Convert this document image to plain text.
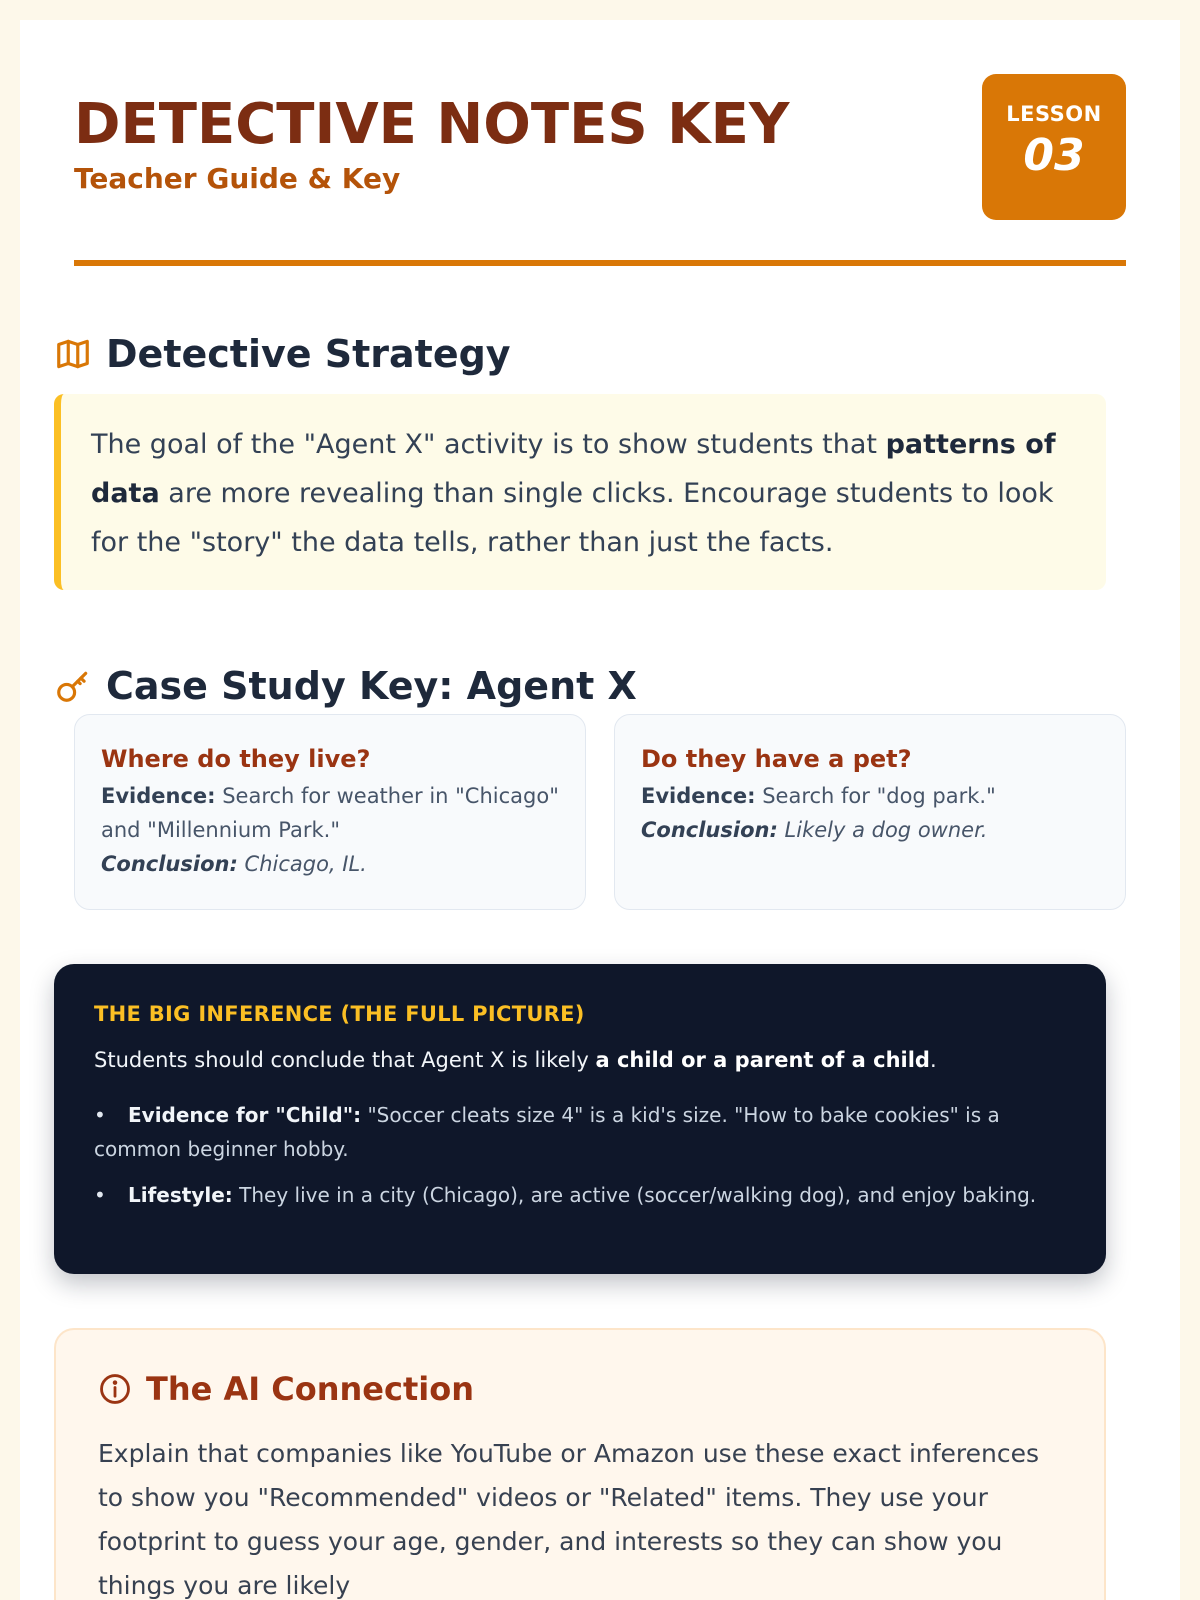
DETECTIVE NOTES KEY
Teacher Guide & Key
LESSON
03
Detective Strategy
The goal of the "Agent X" activity is to show students that patterns of data are more revealing than single clicks. Encourage students to look for the "story" the data tells, rather than just the facts.
Case Study Key: Agent X
Where do they live?
Evidence: Search for weather in "Chicago" and "Millennium Park."
Conclusion: Chicago, IL.
Do they have a pet?
Evidence: Search for "dog park."
Conclusion: Likely a dog owner.
THE BIG INFERENCE (THE FULL PICTURE)
Students should conclude that Agent X is likely a child or a parent of a child.
• Evidence for "Child": "Soccer cleats size 4" is a kid's size. "How to bake cookies" is a common beginner hobby.
• Lifestyle: They live in a city (Chicago), are active (soccer/walking dog), and enjoy baking.
The AI Connection
Explain that companies like YouTube or Amazon use these exact inferences to show you "Recommended" videos or "Related" items. They use your footprint to guess your age, gender, and interests so they can show you things you are likely
